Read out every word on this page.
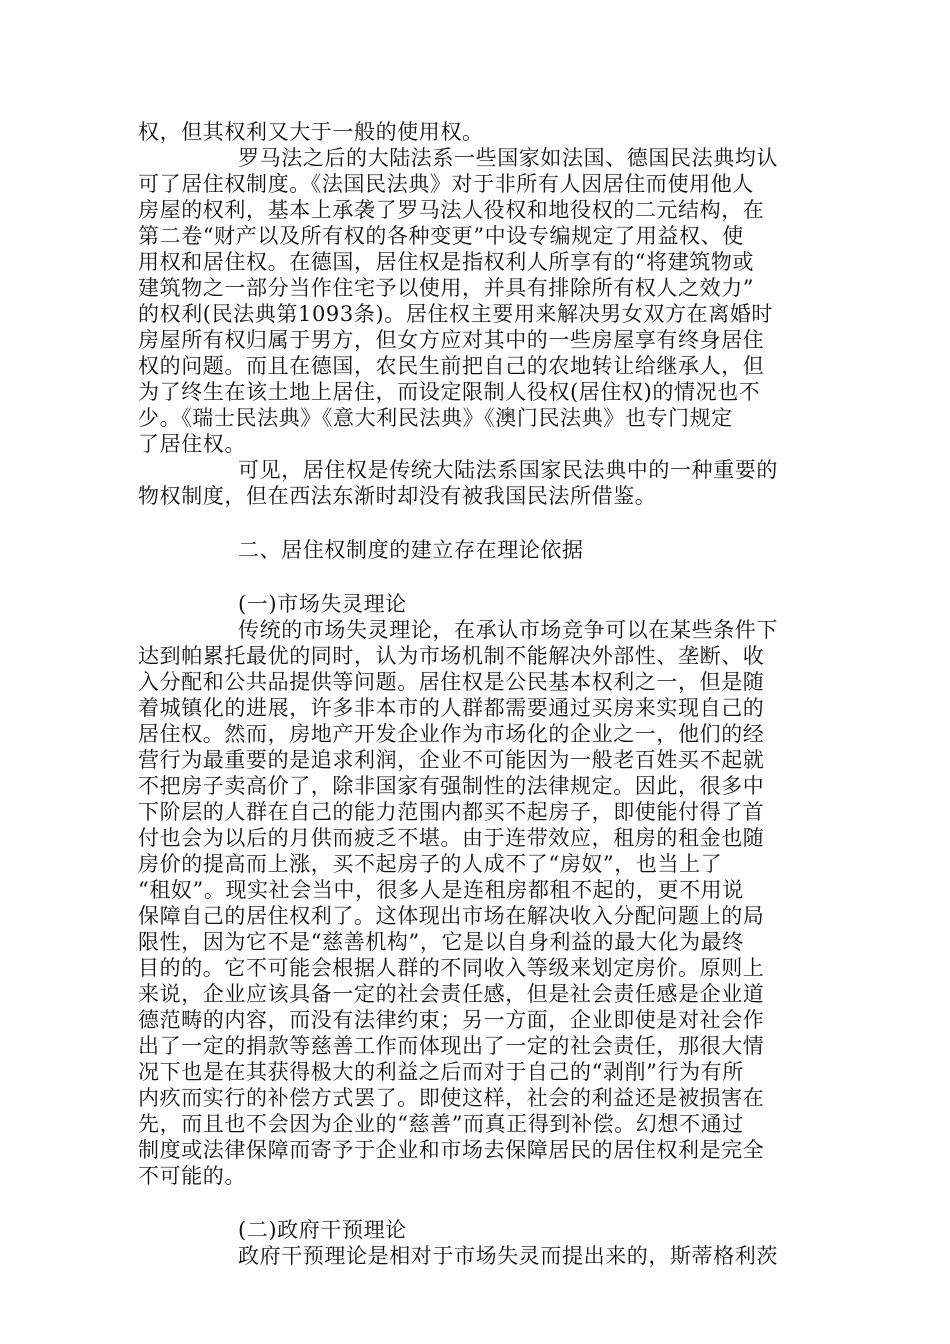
权，但其权利又大于一般的使用权。
罗马法之后的大陆法系一些国家如法国、德国民法典均认
可了居住权制度。《法国民法典》对于非所有人因居住而使用他人
房屋的权利，基本上承袭了罗马法人役权和地役权的二元结构，在
第二卷“财产以及所有权的各种变更”中设专编规定了用益权、使
用权和居住权。在德国，居住权是指权利人所享有的“将建筑物或
建筑物之一部分当作住宅予以使用，并具有排除所有权人之效力”
的权利(民法典第1093条)。居住权主要用来解决男女双方在离婚时
房屋所有权归属于男方，但女方应对其中的一些房屋享有终身居住
权的问题。而且在德国，农民生前把自己的农地转让给继承人，但
为了终生在该土地上居住，而设定限制人役权(居住权)的情况也不
少。《瑞士民法典》《意大利民法典》《澳门民法典》也专门规定
了居住权。
可见，居住权是传统大陆法系国家民法典中的一种重要的
物权制度，但在西法东渐时却没有被我国民法所借鉴。
二、居住权制度的建立存在理论依据
(一)市场失灵理论
传统的市场失灵理论，在承认市场竞争可以在某些条件下
达到帕累托最优的同时，认为市场机制不能解决外部性、垄断、收
入分配和公共品提供等问题。居住权是公民基本权利之一，但是随
着城镇化的进展，许多非本市的人群都需要通过买房来实现自己的
居住权。然而，房地产开发企业作为市场化的企业之一，他们的经
营行为最重要的是追求利润，企业不可能因为一般老百姓买不起就
不把房子卖高价了，除非国家有强制性的法律规定。因此，很多中
下阶层的人群在自己的能力范围内都买不起房子，即使能付得了首
付也会为以后的月供而疲乏不堪。由于连带效应，租房的租金也随
房价的提高而上涨，买不起房子的人成不了“房奴”，也当上了
“租奴”。现实社会当中，很多人是连租房都租不起的，更不用说
保障自己的居住权利了。这体现出市场在解决收入分配问题上的局
限性，因为它不是“慈善机构”，它是以自身利益的最大化为最终
目的的。它不可能会根据人群的不同收入等级来划定房价。原则上
来说，企业应该具备一定的社会责任感，但是社会责任感是企业道
德范畴的内容，而没有法律约束；另一方面，企业即使是对社会作
出了一定的捐款等慈善工作而体现出了一定的社会责任，那很大情
况下也是在其获得极大的利益之后而对于自己的“剥削”行为有所
内疚而实行的补偿方式罢了。即使这样，社会的利益还是被损害在
先，而且也不会因为企业的“慈善”而真正得到补偿。幻想不通过
制度或法律保障而寄予于企业和市场去保障居民的居住权利是完全
不可能的。
(二)政府干预理论
政府干预理论是相对于市场失灵而提出来的，斯蒂格利茨
